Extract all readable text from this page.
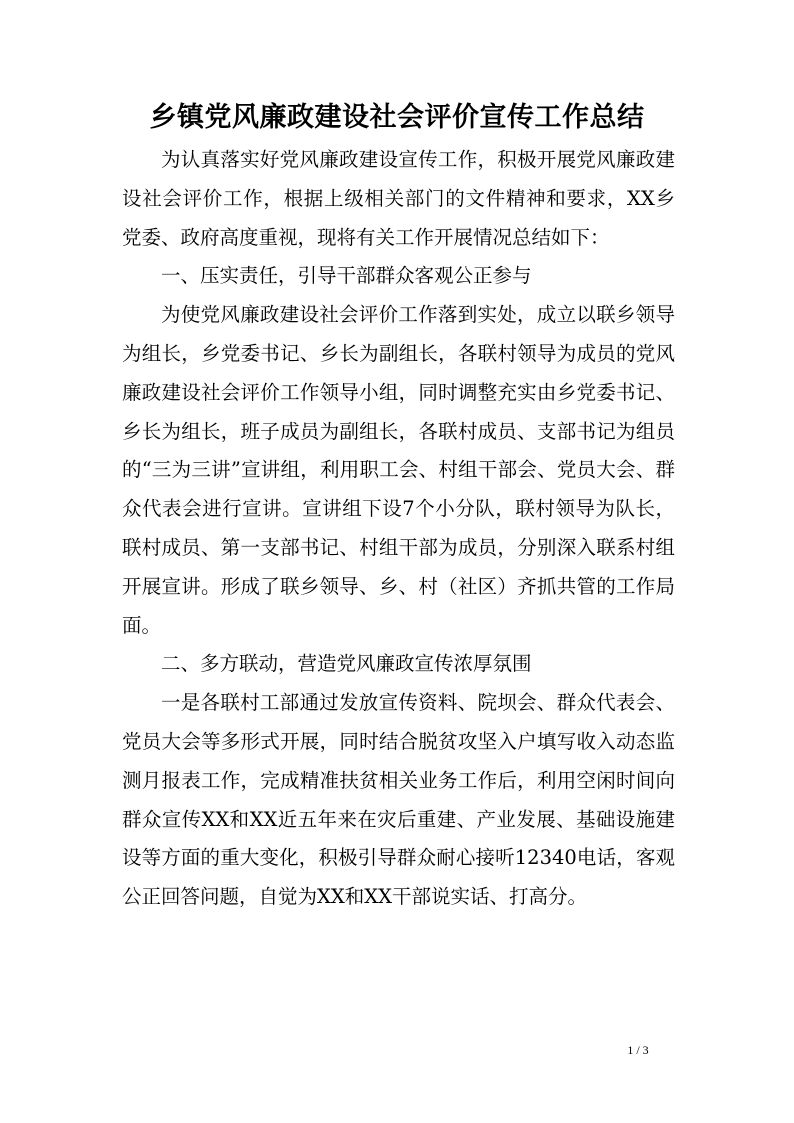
乡镇党风廉政建设社会评价宣传工作总结

为认真落实好党风廉政建设宣传工作，积极开展党风廉政建设社会评价工作，根据上级相关部门的文件精神和要求，XX乡党委、政府高度重视，现将有关工作开展情况总结如下：

一、压实责任，引导干部群众客观公正参与

为使党风廉政建设社会评价工作落到实处，成立以联乡领导为组长，乡党委书记、乡长为副组长，各联村领导为成员的党风廉政建设社会评价工作领导小组，同时调整充实由乡党委书记、乡长为组长，班子成员为副组长，各联村成员、支部书记为组员的“三为三讲”宣讲组，利用职工会、村组干部会、党员大会、群众代表会进行宣讲。宣讲组下设7个小分队，联村领导为队长，联村成员、第一支部书记、村组干部为成员，分别深入联系村组开展宣讲。形成了联乡领导、乡、村（社区）齐抓共管的工作局面。

二、多方联动，营造党风廉政宣传浓厚氛围

一是各联村工部通过发放宣传资料、院坝会、群众代表会、党员大会等多形式开展，同时结合脱贫攻坚入户填写收入动态监测月报表工作，完成精准扶贫相关业务工作后，利用空闲时间向群众宣传XX和XX近五年来在灾后重建、产业发展、基础设施建设等方面的重大变化，积极引导群众耐心接听12340电话，客观公正回答问题，自觉为XX和XX干部说实话、打高分。

1 / 3
